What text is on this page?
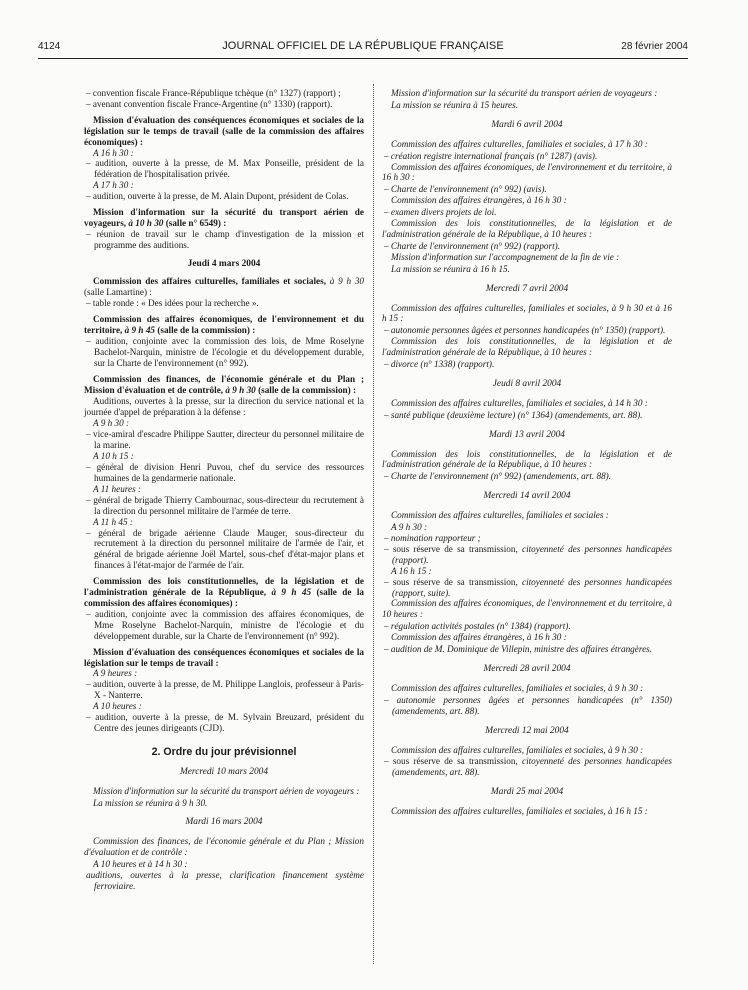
4124	JOURNAL OFFICIEL DE LA RÉPUBLIQUE FRANÇAISE	28 février 2004

– convention fiscale France-République tchèque (n° 1327) (rapport) ;

– avenant convention fiscale France-Argentine (n° 1330) (rapport).

Mission d'évaluation des conséquences économiques et sociales de la législation sur le temps de travail (salle de la commission des affaires économiques) :

A 16 h 30 :

– audition, ouverte à la presse, de M. Max Ponseille, président de la fédération de l'hospitalisation privée.

A 17 h 30 :

– audition, ouverte à la presse, de M. Alain Dupont, président de Colas.

Mission d'information sur la sécurité du transport aérien de voyageurs, à 10 h 30 (salle n° 6549) :

– réunion de travail sur le champ d'investigation de la mission et programme des auditions.

Jeudi 4 mars 2004

Commission des affaires culturelles, familiales et sociales, à 9 h 30 (salle Lamartine) :

– table ronde : « Des idées pour la recherche ».

Commission des affaires économiques, de l'environnement et du territoire, à 9 h 45 (salle de la commission) :

– audition, conjointe avec la commission des lois, de Mme Roselyne Bachelot-Narquin, ministre de l'écologie et du développement durable, sur la Charte de l'environnement (n° 992).

Commission des finances, de l'économie générale et du Plan ; Mission d'évaluation et de contrôle, à 9 h 30 (salle de la commission) :

Auditions, ouvertes à la presse, sur la direction du service national et la journée d'appel de préparation à la défense :

A 9 h 30 :

– vice-amiral d'escadre Philippe Sautter, directeur du personnel militaire de la marine.

A 10 h 15 :

– général de division Henri Puvou, chef du service des ressources humaines de la gendarmerie nationale.

A 11 heures :

– général de brigade Thierry Cambournac, sous-directeur du recrutement à la direction du personnel militaire de l'armée de terre.

A 11 h 45 :

– général de brigade aérienne Claude Mauger, sous-directeur du recrutement à la direction du personnel militaire de l'armée de l'air, et général de brigade aérienne Joël Martel, sous-chef d'état-major plans et finances à l'état-major de l'armée de l'air.

Commission des lois constitutionnelles, de la législation et de l'administration générale de la République, à 9 h 45 (salle de la commission des affaires économiques) :

– audition, conjointe avec la commission des affaires économiques, de Mme Roselyne Bachelot-Narquin, ministre de l'écologie et du développement durable, sur la Charte de l'environnement (n° 992).

Mission d'évaluation des conséquences économiques et sociales de la législation sur le temps de travail :

A 9 heures :

– audition, ouverte à la presse, de M. Philippe Langlois, professeur à Paris-X - Nanterre.

A 10 heures :

– audition, ouverte à la presse, de M. Sylvain Breuzard, président du Centre des jeunes dirigeants (CJD).

2. Ordre du jour prévisionnel

Mercredi 10 mars 2004

Mission d'information sur la sécurité du transport aérien de voyageurs :

La mission se réunira à 9 h 30.

Mardi 16 mars 2004

Commission des finances, de l'économie générale et du Plan ; Mission d'évaluation et de contrôle :

A 10 heures et à 14 h 30 :

auditions, ouvertes à la presse, clarification financement système ferroviaire.

Mission d'information sur la sécurité du transport aérien de voyageurs :

La mission se réunira à 15 heures.

Mardi 6 avril 2004

Commission des affaires culturelles, familiales et sociales, à 17 h 30 :

– création registre international français (n° 1287) (avis).

Commission des affaires économiques, de l'environnement et du territoire, à 16 h 30 :

– Charte de l'environnement (n° 992) (avis).

Commission des affaires étrangères, à 16 h 30 :

– examen divers projets de loi.

Commission des lois constitutionnelles, de la législation et de l'administration générale de la République, à 10 heures :

– Charte de l'environnement (n° 992) (rapport).

Mission d'information sur l'accompagnement de la fin de vie :

La mission se réunira à 16 h 15.

Mercredi 7 avril 2004

Commission des affaires culturelles, familiales et sociales, à 9 h 30 et à 16 h 15 :

– autonomie personnes âgées et personnes handicapées (n° 1350) (rapport).

Commission des lois constitutionnelles, de la législation et de l'administration générale de la République, à 10 heures :

– divorce (n° 1338) (rapport).

Jeudi 8 avril 2004

Commission des affaires culturelles, familiales et sociales, à 14 h 30 :

– santé publique (deuxième lecture) (n° 1364) (amendements, art. 88).

Mardi 13 avril 2004

Commission des lois constitutionnelles, de la législation et de l'administration générale de la République, à 10 heures :

– Charte de l'environnement (n° 992) (amendements, art. 88).

Mercredi 14 avril 2004

Commission des affaires culturelles, familiales et sociales :

A 9 h 30 :

– nomination rapporteur ;

– sous réserve de sa transmission, citoyenneté des personnes handicapées (rapport).

A 16 h 15 :

– sous réserve de sa transmission, citoyenneté des personnes handicapées (rapport, suite).

Commission des affaires économiques, de l'environnement et du territoire, à 10 heures :

– régulation activités postales (n° 1384) (rapport).

Commission des affaires étrangères, à 16 h 30 :

– audition de M. Dominique de Villepin, ministre des affaires étrangères.

Mercredi 28 avril 2004

Commission des affaires culturelles, familiales et sociales, à 9 h 30 :

– autonomie personnes âgées et personnes handicapées (n° 1350) (amendements, art. 88).

Mercredi 12 mai 2004

Commission des affaires culturelles, familiales et sociales, à 9 h 30 :

– sous réserve de sa transmission, citoyenneté des personnes handicapées (amendements, art. 88).

Mardi 25 mai 2004

Commission des affaires culturelles, familiales et sociales, à 16 h 15 :
